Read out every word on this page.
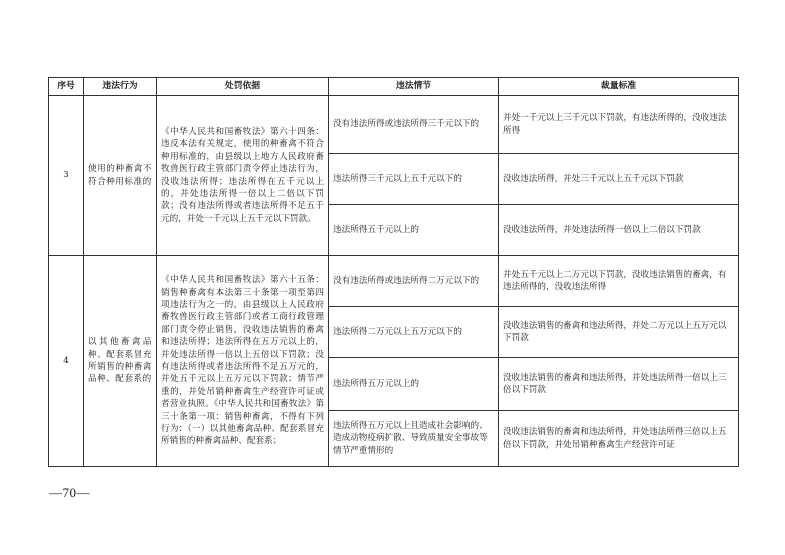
序号	违法行为	处罚依据	违法情节	裁量标准
3	使用的种畜禽不符合种用标准的	《中华人民共和国畜牧法》第六十四条：违反本法有关规定，使用的种畜禽不符合种用标准的，由县级以上地方人民政府畜牧兽医行政主管部门责令停止违法行为，没收违法所得；违法所得在五千元以上的，并处违法所得一倍以上二倍以下罚款；没有违法所得或者违法所得不足五千元的，并处一千元以上五千元以下罚款。	没有违法所得或违法所得三千元以下的	并处一千元以上三千元以下罚款，有违法所得的，没收违法所得
			违法所得三千元以上五千元以下的	没收违法所得，并处三千元以上五千元以下罚款
			违法所得五千元以上的	没收违法所得，并处违法所得一倍以上二倍以下罚款
4	以其他畜禽品种、配套系冒充所销售的种畜禽品种、配套系的	《中华人民共和国畜牧法》第六十五条：销售种畜禽有本法第三十条第一项至第四项违法行为之一的，由县级以上人民政府畜牧兽医行政主管部门或者工商行政管理部门责令停止销售，没收违法销售的畜禽和违法所得；违法所得在五万元以上的，并处违法所得一倍以上五倍以下罚款；没有违法所得或者违法所得不足五万元的，并处五千元以上五万元以下罚款；情节严重的，并处吊销种畜禽生产经营许可证或者营业执照。《中华人民共和国畜牧法》第三十条第一项：销售种畜禽，不得有下列行为：（一）以其他畜禽品种、配套系冒充所销售的种畜禽品种、配套系；	没有违法所得或违法所得二万元以下的	并处五千元以上二万元以下罚款，没收违法销售的畜禽，有违法所得的，没收违法所得
			违法所得二万元以上五万元以下的	没收违法销售的畜禽和违法所得，并处二万元以上五万元以下罚款
			违法所得五万元以上的	没收违法销售的畜禽和违法所得，并处违法所得一倍以上三倍以下罚款
			违法所得五万元以上且造成社会影响的、造成动物疫病扩散、导致质量安全事故等情节严重情形的	没收违法销售的畜禽和违法所得，并处违法所得三倍以上五倍以下罚款，并处吊销种畜禽生产经营许可证
—70—
